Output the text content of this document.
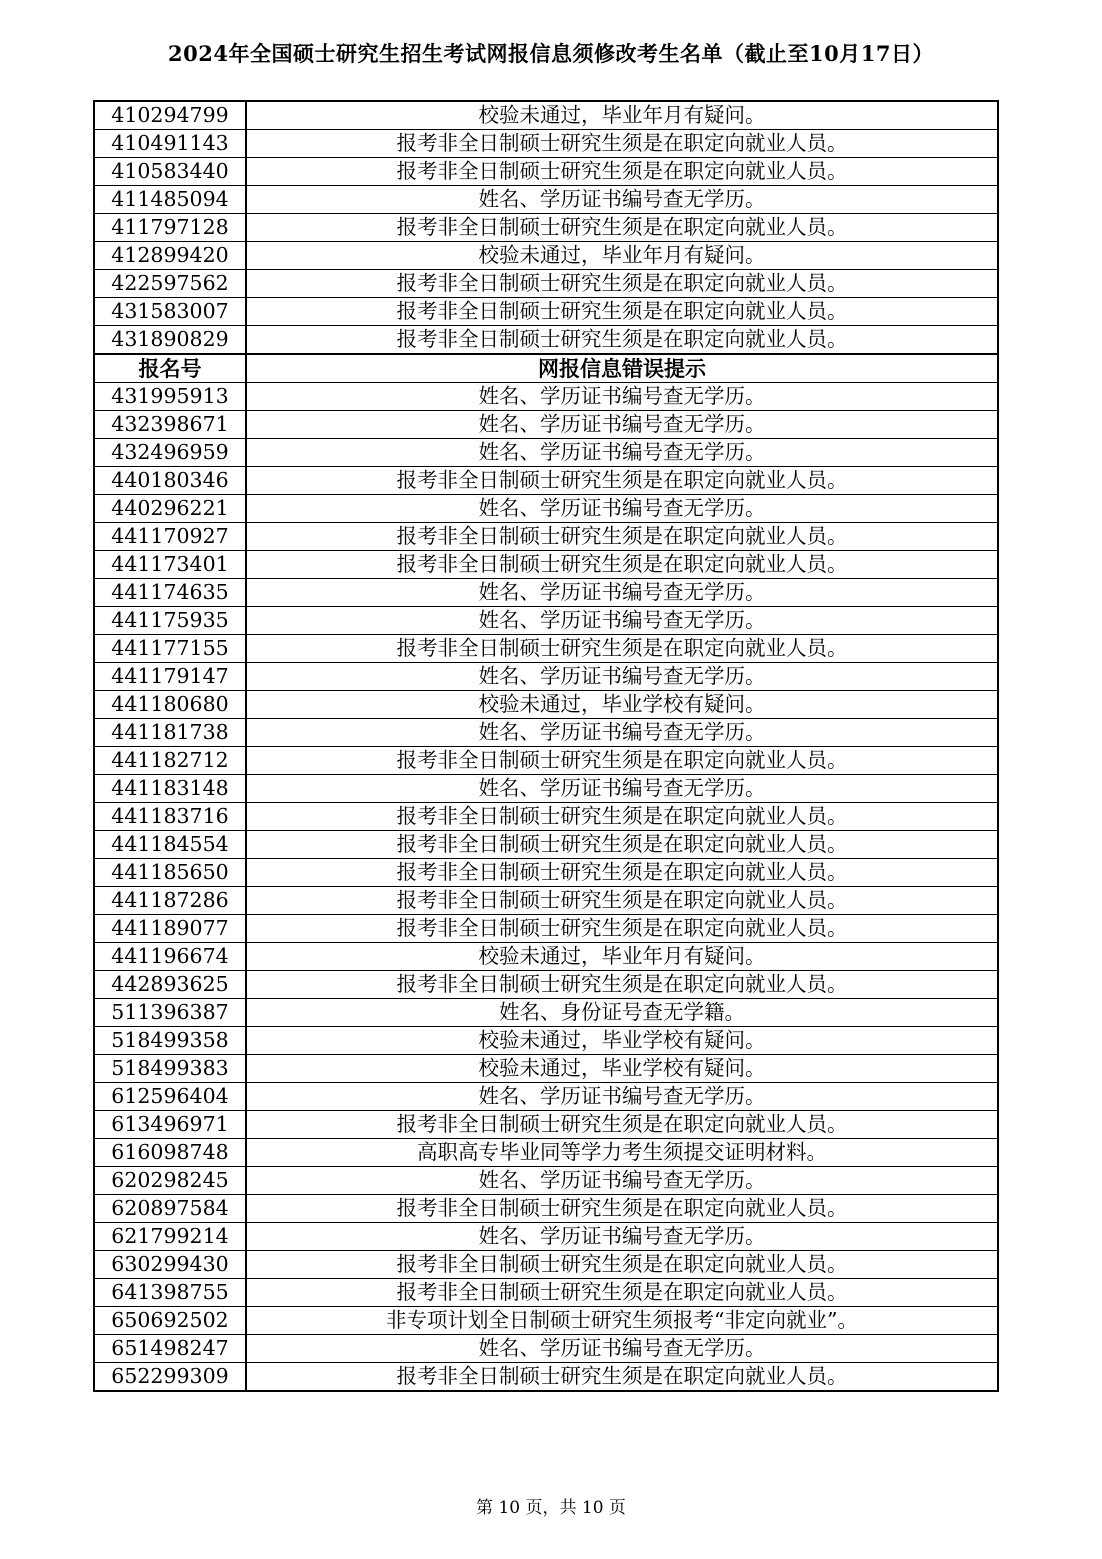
2024年全国硕士研究生招生考试网报信息须修改考生名单（截止至10月17日）
410294799	校验未通过，毕业年月有疑问。
410491143	报考非全日制硕士研究生须是在职定向就业人员。
410583440	报考非全日制硕士研究生须是在职定向就业人员。
411485094	姓名、学历证书编号查无学历。
411797128	报考非全日制硕士研究生须是在职定向就业人员。
412899420	校验未通过，毕业年月有疑问。
422597562	报考非全日制硕士研究生须是在职定向就业人员。
431583007	报考非全日制硕士研究生须是在职定向就业人员。
431890829	报考非全日制硕士研究生须是在职定向就业人员。
报名号	网报信息错误提示
431995913	姓名、学历证书编号查无学历。
432398671	姓名、学历证书编号查无学历。
432496959	姓名、学历证书编号查无学历。
440180346	报考非全日制硕士研究生须是在职定向就业人员。
440296221	姓名、学历证书编号查无学历。
441170927	报考非全日制硕士研究生须是在职定向就业人员。
441173401	报考非全日制硕士研究生须是在职定向就业人员。
441174635	姓名、学历证书编号查无学历。
441175935	姓名、学历证书编号查无学历。
441177155	报考非全日制硕士研究生须是在职定向就业人员。
441179147	姓名、学历证书编号查无学历。
441180680	校验未通过，毕业学校有疑问。
441181738	姓名、学历证书编号查无学历。
441182712	报考非全日制硕士研究生须是在职定向就业人员。
441183148	姓名、学历证书编号查无学历。
441183716	报考非全日制硕士研究生须是在职定向就业人员。
441184554	报考非全日制硕士研究生须是在职定向就业人员。
441185650	报考非全日制硕士研究生须是在职定向就业人员。
441187286	报考非全日制硕士研究生须是在职定向就业人员。
441189077	报考非全日制硕士研究生须是在职定向就业人员。
441196674	校验未通过，毕业年月有疑问。
442893625	报考非全日制硕士研究生须是在职定向就业人员。
511396387	姓名、身份证号查无学籍。
518499358	校验未通过，毕业学校有疑问。
518499383	校验未通过，毕业学校有疑问。
612596404	姓名、学历证书编号查无学历。
613496971	报考非全日制硕士研究生须是在职定向就业人员。
616098748	高职高专毕业同等学力考生须提交证明材料。
620298245	姓名、学历证书编号查无学历。
620897584	报考非全日制硕士研究生须是在职定向就业人员。
621799214	姓名、学历证书编号查无学历。
630299430	报考非全日制硕士研究生须是在职定向就业人员。
641398755	报考非全日制硕士研究生须是在职定向就业人员。
650692502	非专项计划全日制硕士研究生须报考“非定向就业”。
651498247	姓名、学历证书编号查无学历。
652299309	报考非全日制硕士研究生须是在职定向就业人员。
第 10 页，共 10 页
